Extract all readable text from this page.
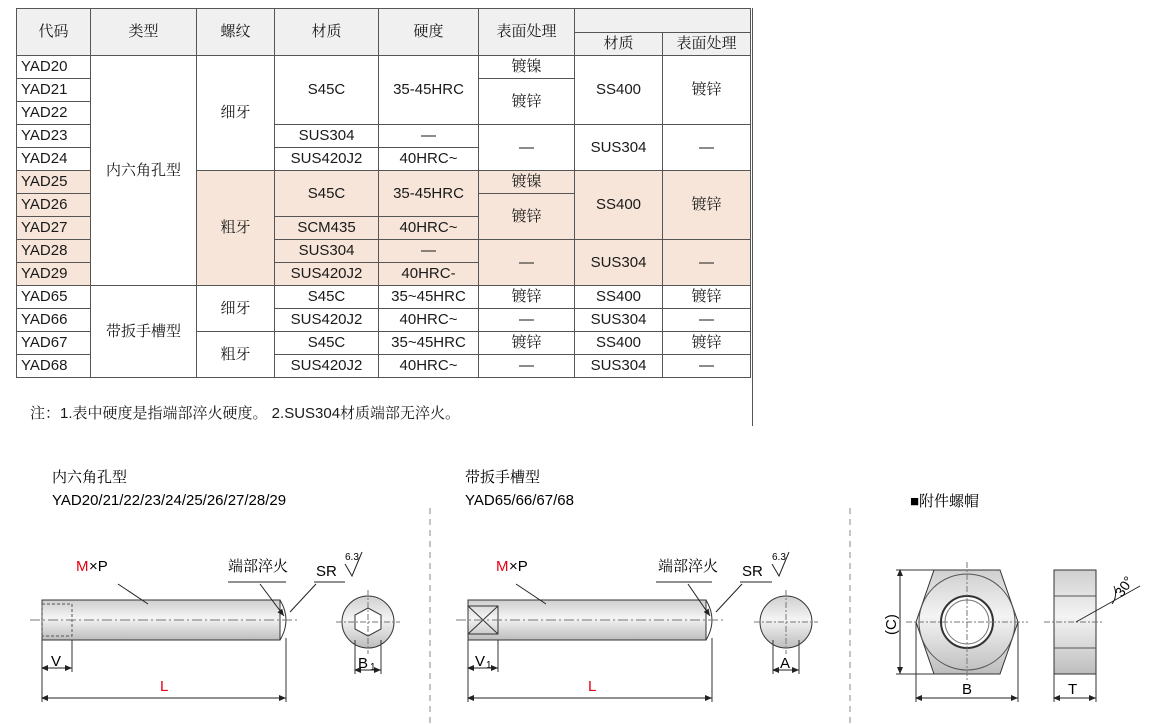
代码	类型	螺纹	材质	硬度	表面处理		
						材质	表面处理
YAD20	内六角孔型	细牙	S45C	35-45HRC	镀镍	SS400	镀锌
YAD21					镀锌		
YAD22							
YAD23			SUS304	—	—	SUS304	—
YAD24			SUS420J2	40HRC~			
YAD25		粗牙	S45C	35-45HRC	镀镍	SS400	镀锌
YAD26					镀锌		
YAD27			SCM435	40HRC~			
YAD28			SUS304	—	—	SUS304	—
YAD29			SUS420J2	40HRC-			
YAD65	带扳手槽型	细牙	S45C	35~45HRC	镀锌	SS400	镀锌
YAD66			SUS420J2	40HRC~	—	SUS304	—
YAD67		粗牙	S45C	35~45HRC	镀锌	SS400	镀锌
YAD68			SUS420J2	40HRC~	—	SUS304	—
注：1.表中硬度是指端部淬火硬度。 2.SUS304材质端部无淬火。
内六角孔型
YAD20/21/22/23/24/25/26/27/28/29
M ×P	端部淬火 SR
6.3
V
L
B 1
带扳手槽型
YAD65/66/67/68
M ×P	端部淬火 SR
6.3
V 1
L
A
■附件螺帽
(C)
B	T
30°
